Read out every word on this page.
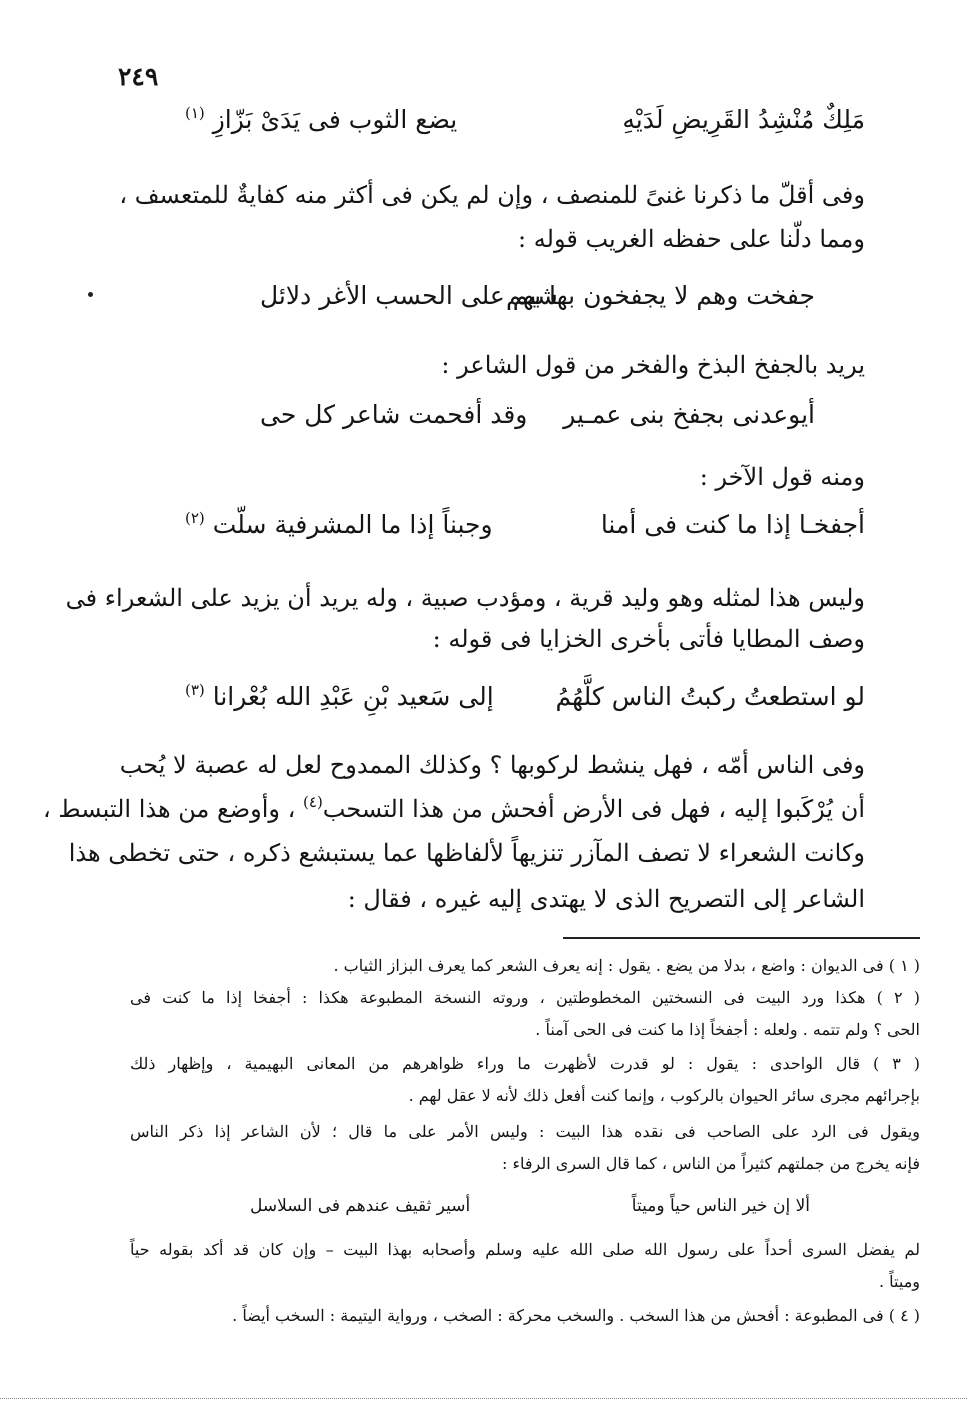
٢٤٩
مَلِكٌ مُنْشِدُ القَرِيضِ لَدَيْهِ
يضع الثوب فى يَدَىْ بَزّازِ $^{(١)}$
وفى أقلّ ما ذكرنا غنىً للمنصف ، وإن لم يكن فى أكثر منه كفايةٌ للمتعسف ،
ومما دلّنا على حفظه الغريب قوله :
جفخت وهم لا يجفخون بها بهم
شيم على الحسب الأغر دلائل
يريد بالجفخ البذخ والفخر من قول الشاعر :
أيوعدنى بجفخ بنى عمـير
وقد أفحمت شاعر كل حى
ومنه قول الآخر :
أجفخـا إذا ما كنت فى أمنا
وجبناً إذا ما المشرفية سلّت $^{(٢)}$
وليس هذا لمثله وهو وليد قرية ، ومؤدب صبية ، وله يريد أن يزيد على الشعراء فى
وصف المطايا فأتى بأخرى الخزايا فى قوله :
لو استطعتُ ركبتُ الناس كلَّهُمُ
إلى سَعيد بْنِ عَبْدِ الله بُعْرانا $^{(٣)}$
وفى الناس أمّه ، فهل ينشط لركوبها ؟ وكذلك الممدوح لعل له عصبة لا يُحب
أن يُرْكَبوا إليه ، فهل فى الأرض أفحش من هذا التسحب$^{(٤)}$ ، وأوضع من هذا التبسط ،
وكانت الشعراء لا تصف المآزر تنزيهاً لألفاظها عما يستبشع ذكره ، حتى تخطى هذا
الشاعر إلى التصريح الذى لا يهتدى إليه غيره ، فقال :
( ١ ) فى الديوان : واضع ، بدلا من يضع . يقول : إنه يعرف الشعر كما يعرف البزاز الثياب .
( ٢ ) هكذا ورد البيت فى النسختين المخطوطتين ، وروته النسخة المطبوعة هكذا : أجفخا إذا ما كنت فى
الحى ؟ ولم تتمه . ولعله : أجفخاً إذا ما كنت فى الحى آمناً .
( ٣ ) قال الواحدى : يقول : لو قدرت لأظهرت ما وراء ظواهرهم من المعانى البهيمية ، وإظهار ذلك
بإجرائهم مجرى سائر الحيوان بالركوب ، وإنما كنت أفعل ذلك لأنه لا عقل لهم .
ويقول فى الرد على الصاحب فى نقده هذا البيت : وليس الأمر على ما قال ؛ لأن الشاعر إذا ذكر الناس
فإنه يخرج من جملتهم كثيراً من الناس ، كما قال السرى الرفاء :
ألا إن خير الناس حياً وميتاً
أسير ثقيف عندهم فى السلاسل
لم يفضل السرى أحداً على رسول الله صلى الله عليه وسلم وأصحابه بهذا البيت – وإن كان قد أكد بقوله حياً
وميتاً .
( ٤ ) فى المطبوعة : أفحش من هذا السخب . والسخب محركة : الصخب ، ورواية اليتيمة : السخب أيضاً .
